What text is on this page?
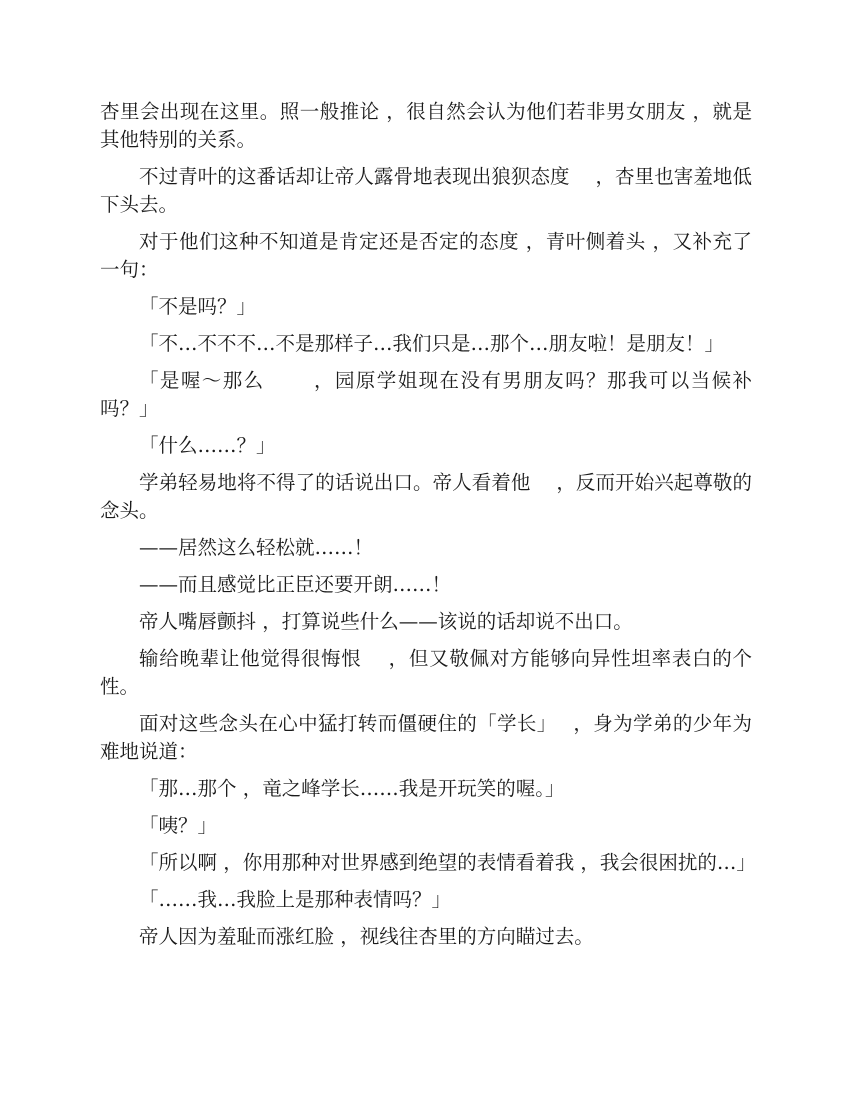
杏里会出现在这里。照一般推论 ，很自然会认为他们若非男女朋友 ，就是其他特别的关系。

不过青叶的这番话却让帝人露骨地表现出狼狈态度　 ，杏里也害羞地低下头去。

对于他们这种不知道是肯定还是否定的态度 ，青叶侧着头 ，又补充了一句：

「不是吗？」

「不…不不不…不是那样子…我们只是…那个…朋友啦！是朋友！」

「是喔～那么　　 ，园原学姐现在没有男朋友吗？那我可以当候补吗？」

「什么……？」

学弟轻易地将不得了的话说出口。帝人看着他　 ，反而开始兴起尊敬的念头。

——居然这么轻松就……！

——而且感觉比正臣还要开朗……！

帝人嘴唇颤抖 ，打算说些什么——该说的话却说不出口。

输给晚辈让他觉得很悔恨　 ，但又敬佩对方能够向异性坦率表白的个性。

面对这些念头在心中猛打转而僵硬住的「学长」　 ，身为学弟的少年为难地说道：

「那…那个 ，竜之峰学长……我是开玩笑的喔。」

「咦？」

「所以啊 ，你用那种对世界感到绝望的表情看着我 ，我会很困扰的…」

「……我…我脸上是那种表情吗？」

帝人因为羞耻而涨红脸 ，视线往杏里的方向瞄过去。
